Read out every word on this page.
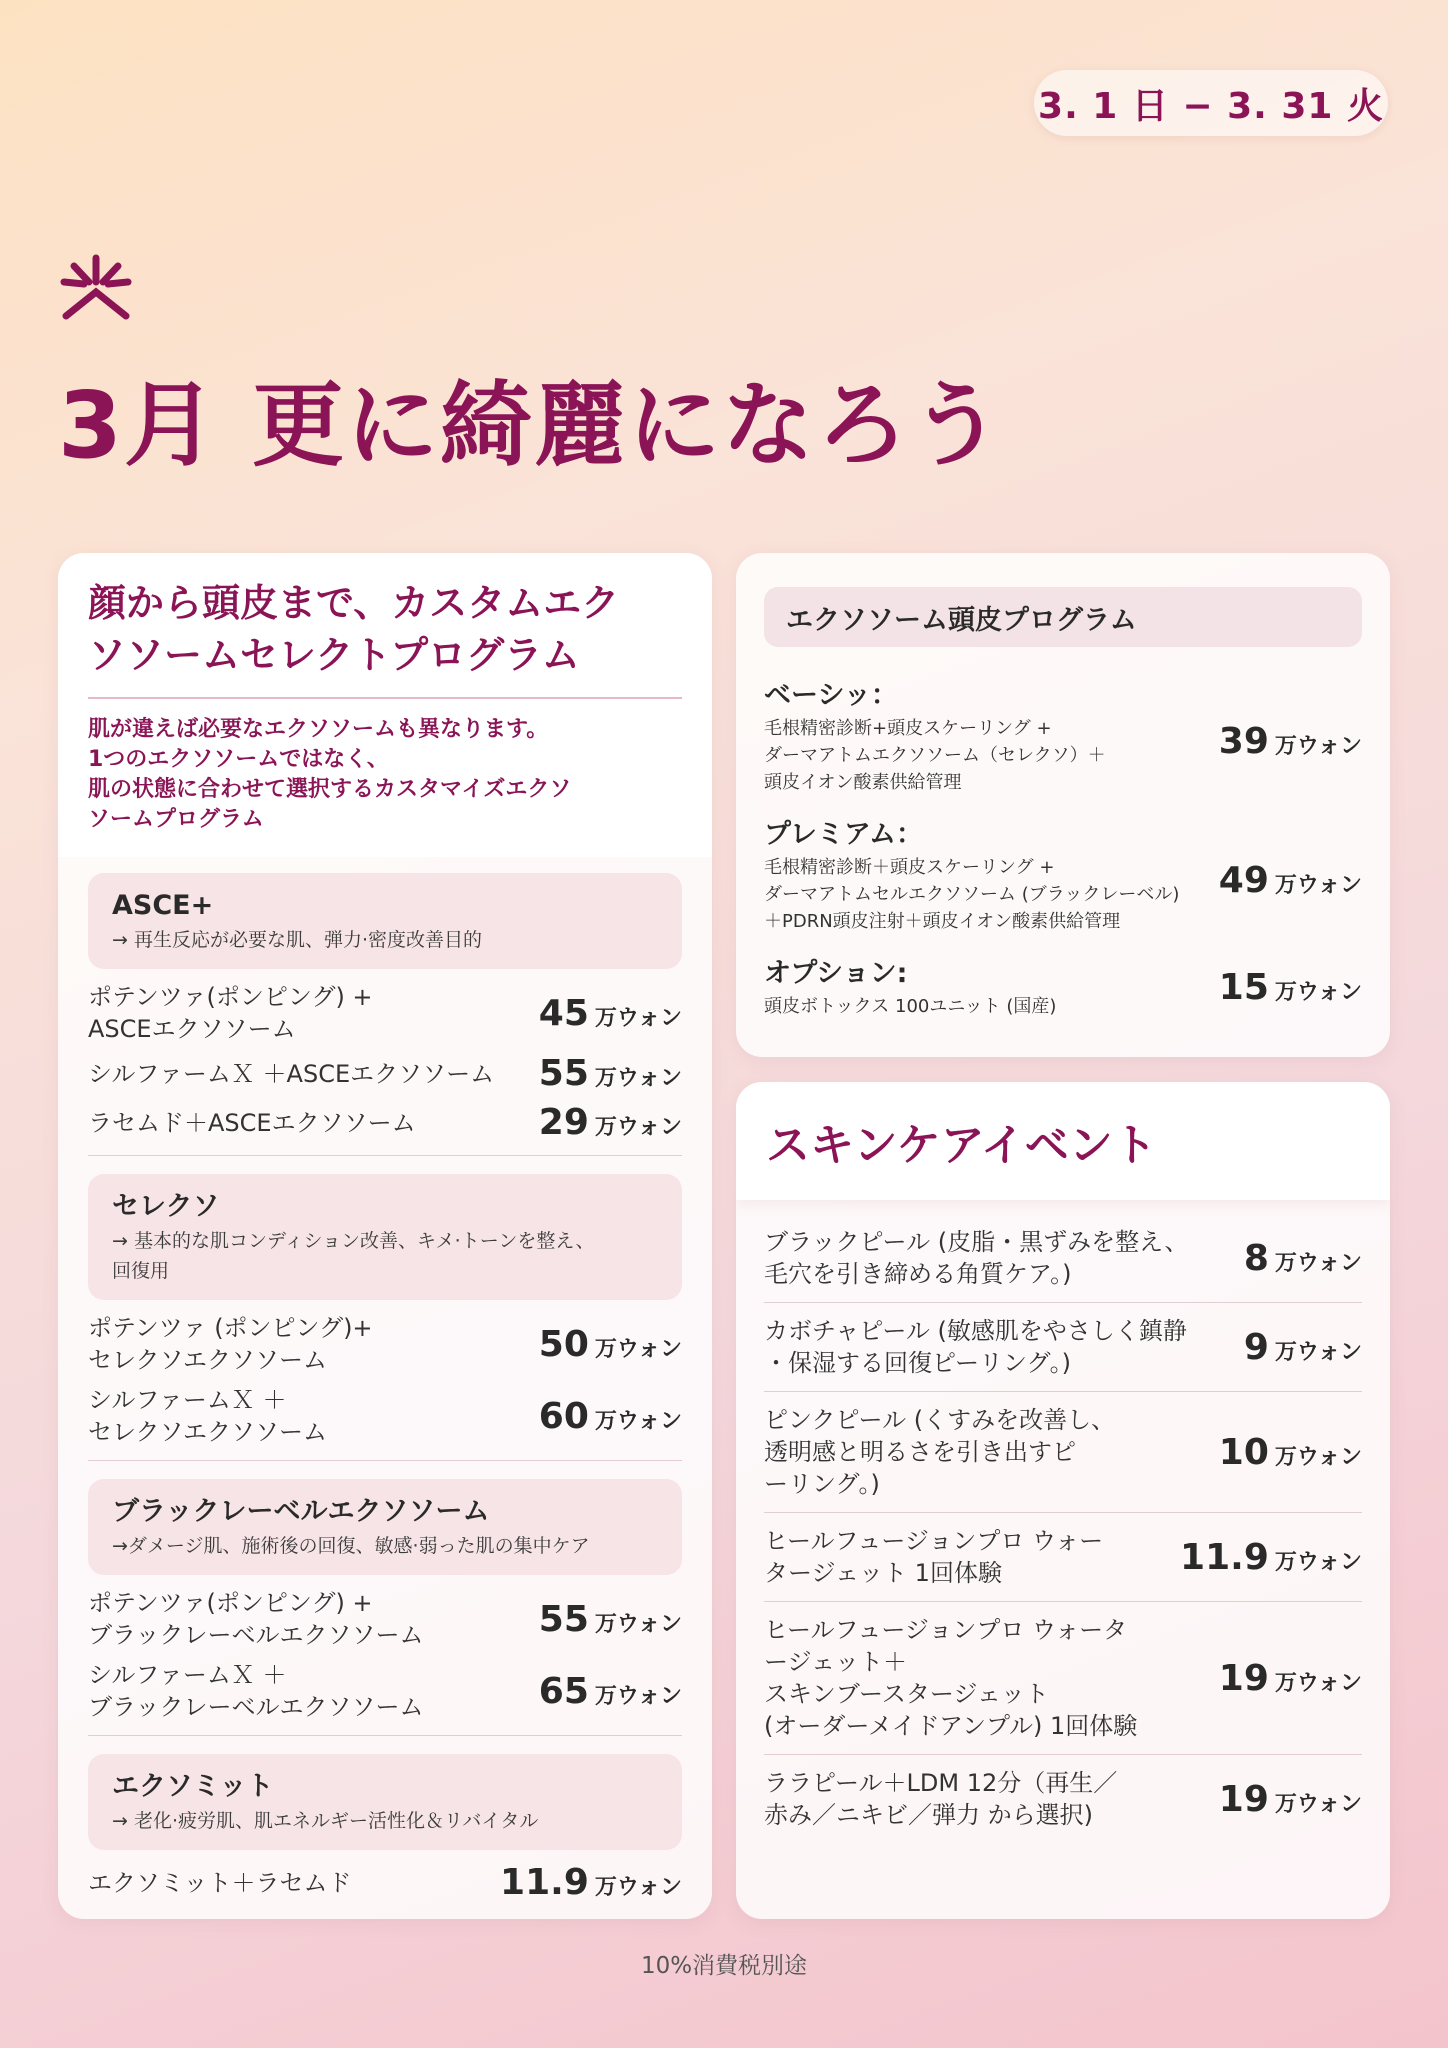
3. 1 日 − 3. 31 火
3月 更に綺麗になろう
顔から頭皮まで、カスタムエク
ソソームセレクトプログラム

肌が違えば必要なエクソソームも異なります。
1つのエクソソームではなく、
肌の状態に合わせて選択するカスタマイズエクソ
ソームプログラム

ASCE+
→ 再生反応が必要な肌、弾力·密度改善目的
ポテンツァ(ポンピング) +
ASCEエクソソーム	45 万ウォン
シルファームＸ ＋ASCEエクソソーム 55 万ウォン
ラセムド＋ASCEエクソソーム	29 万ウォン
セレクソ
→ 基本的な肌コンディション改善、キメ·トーンを整え、
回復用
ポテンツァ (ポンピング)+
セレクソエクソソーム	50 万ウォン
シルファームＸ ＋
セレクソエクソソーム	60 万ウォン
ブラックレーベルエクソソーム
→ダメージ肌、施術後の回復、敏感·弱った肌の集中ケア
ポテンツァ(ポンピング) +
ブラックレーベルエクソソーム	55 万ウォン
シルファームＸ ＋
ブラックレーベルエクソソーム	65 万ウォン
エクソミット
→ 老化·疲労肌、肌エネルギー活性化＆リバイタル
エクソミット＋ラセムド	11.9 万ウォン
エクソソーム頭皮プログラム
ベーシッ：
毛根精密診断+頭皮スケーリング +
ダーマアトムエクソソーム（セレクソ）＋
頭皮イオン酸素供給管理
39 万ウォン
プレミアム：
毛根精密診断＋頭皮スケーリング +
ダーマアトムセルエクソソーム (ブラックレーベル)
＋PDRN頭皮注射＋頭皮イオン酸素供給管理
49 万ウォン
オプション:
頭皮ボトックス 100ユニット (国産)	15 万ウォン
スキンケアイベント
ブラックピール (皮脂・黒ずみを整え、
毛穴を引き締める角質ケア。)	8 万ウォン
カボチャピール (敏感肌をやさしく鎮静
・保湿する回復ピーリング。)	9 万ウォン
ピンクピール (くすみを改善し、
透明感と明るさを引き出すピ
ーリング。)
10 万ウォン
ヒールフュージョンプロ ウォー
タージェット 1回体験	11.9 万ウォン
ヒールフュージョンプロ ウォータ
ージェット＋
スキンブースタージェット
(オーダーメイドアンプル) 1回体験
19 万ウォン
ララピール＋LDM 12分（再生／
赤み／ニキビ／弾力 から選択)	19 万ウォン
10%消費税別途
